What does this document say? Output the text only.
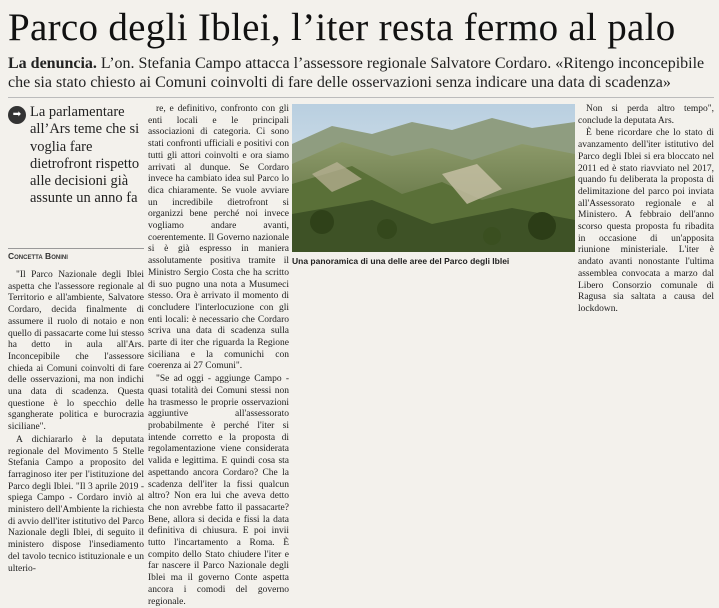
Parco degli Iblei, l’iter resta fermo al palo
La denuncia. L’on. Stefania Campo attacca l’assessore regionale Salvatore Cordaro. «Ritengo inconcepibile che sia stato chiesto ai Comuni coinvolti di fare delle osservazioni senza indicare una data di scadenza»
➡ La parlamentare all’Ars teme che si voglia fare dietrofront rispetto alle decisioni già assunte un anno fa
Concetta Bonini

"Il Parco Nazionale degli Iblei aspetta che l'assessore regionale al Territorio e all'ambiente, Salvatore Cordaro, decida finalmente di assumere il ruolo di notaio e non quello di passacarte come lui stesso ha detto in aula all'Ars. Inconcepibile che l'assessore chieda ai Comuni coinvolti di fare delle osservazioni, ma non indichi una data di scadenza. Questa questione è lo specchio delle sgangherate politica e burocrazia siciliane".

A dichiararlo è la deputata regionale del Movimento 5 Stelle Stefania Campo a proposito del farraginoso iter per l'istituzione del Parco degli Iblei. "Il 3 aprile 2019 - spiega Campo - Cordaro inviò al ministero dell'Ambiente la richiesta di avvio dell'iter istitutivo del Parco Nazionale degli Iblei, di seguito il ministero dispose l'insediamento del tavolo tecnico istituzionale e un ulterio-

re, e definitivo, confronto con gli enti locali e le principali associazioni di categoria. Ci sono stati confronti ufficiali e positivi con tutti gli attori coinvolti e ora siamo arrivati al dunque. Se Cordaro invece ha cambiato idea sul Parco lo dica chiaramente. Se vuole avviare un incredibile dietrofront si organizzi bene perché noi invece vogliamo andare avanti, coerentemente. Il Governo nazionale si è già espresso in maniera assolutamente positiva tramite il Ministro Sergio Costa che ha scritto di suo pugno una nota a Musumeci stesso. Ora è arrivato il momento di concludere l'interlocuzione con gli enti locali: è necessario che Cordaro scriva una data di scadenza sulla parte di iter che riguarda la Regione siciliana e la comunichi con coerenza ai 27 Comuni".

"Se ad oggi - aggiunge Campo - quasi totalità dei Comuni stessi non ha trasmesso le proprie osservazioni aggiuntive all'assessorato probabilmente è perché l'iter si intende corretto e la proposta di regolamentazione viene considerata valida e legittima. E quindi cosa sta aspettando ancora Cordaro? Che la scadenza dell'iter la fissi qualcun altro? Non era lui che aveva detto che non avrebbe fatto il passacarte? Bene, allora si decida e fissi la data definitiva di chiusura. E poi invii tutto l'incartamento a Roma. È compito dello Stato chiudere l'iter e far nascere il Parco Nazionale degli Iblei ma il governo Conte aspetta ancora i comodi del governo regionale.

Una panoramica di una delle aree del Parco degli Iblei

Non si perda altro tempo", conclude la deputata Ars.

È bene ricordare che lo stato di avanzamento dell'iter istitutivo del Parco degli Iblei si era bloccato nel 2011 ed è stato riavviato nel 2017, quando fu deliberata la proposta di delimitazione del parco poi inviata all'Assessorato regionale e al Ministero. A febbraio dell'anno scorso questa proposta fu ribadita in occasione di un'apposita riunione ministeriale. L'iter è andato avanti nonostante l'ultima assemblea convocata a marzo dal Libero Consorzio comunale di Ragusa sia saltata a causa del lockdown.
